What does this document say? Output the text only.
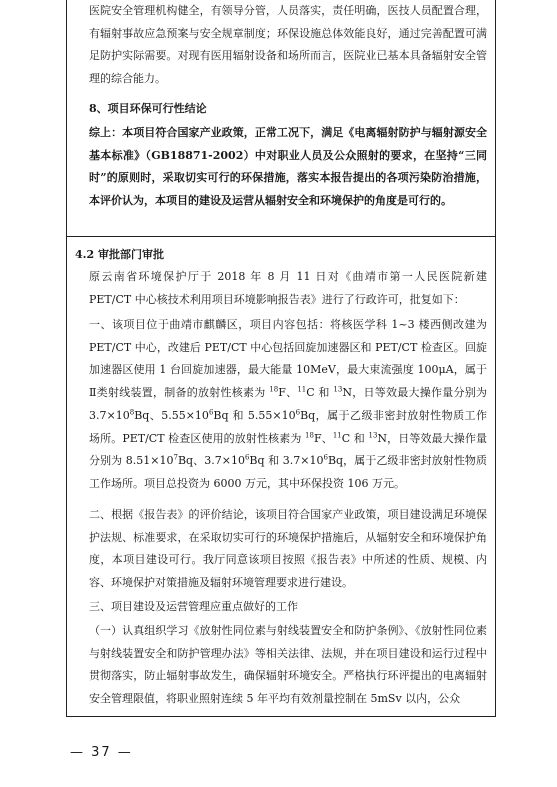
医院安全管理机构健全，有领导分管，人员落实，责任明确，医技人员配置合理，有辐射事故应急预案与安全规章制度；环保设施总体效能良好，通过完善配置可满足防护实际需要。对现有医用辐射设备和场所而言，医院业已基本具备辐射安全管理的综合能力。

8、项目环保可行性结论

综上：本项目符合国家产业政策，正常工况下，满足《电离辐射防护与辐射源安全基本标准》（GB18871-2002）中对职业人员及公众照射的要求，在坚持“三同时”的原则时，采取切实可行的环保措施，落实本报告提出的各项污染防治措施，本评价认为，本项目的建设及运营从辐射安全和环境保护的角度是可行的。

4.2 审批部门审批

原云南省环境保护厅于 2018 年 8 月 11 日对《曲靖市第一人民医院新建 PET/CT 中心核技术利用项目环境影响报告表》进行了行政许可，批复如下：

一、该项目位于曲靖市麒麟区，项目内容包括：将核医学科 1~3 楼西侧改建为 PET/CT 中心，改建后 PET/CT 中心包括回旋加速器区和 PET/CT 检查区。回旋加速器区使用 1 台回旋加速器，最大能量 10MeV，最大束流强度 100μA，属于Ⅱ类射线装置，制备的放射性核素为 $^{18}$F、$^{11}$C 和 $^{13}$N，日等效最大操作量分别为 $3.7\times 10^8Bq$、$5.55\times 10^6Bq$ 和 $5.55\times 10^6Bq$，属于乙级非密封放射性物质工作场所。PET/CT 检查区使用的放射性核素为 $^{18}$F、$^{11}$C 和 $^{13}$N，日等效最大操作量分别为 $8.51\times 10^7Bq$、$3.7\times 10^6Bq$ 和 $3.7\times 10^6Bq$，属于乙级非密封放射性物质工作场所。项目总投资为 6000 万元，其中环保投资 106 万元。

二、根据《报告表》的评价结论，该项目符合国家产业政策，项目建设满足环境保护法规、标准要求，在采取切实可行的环境保护措施后，从辐射安全和环境保护角度，本项目建设可行。我厅同意该项目按照《报告表》中所述的性质、规模、内容、环境保护对策措施及辐射环境管理要求进行建设。

三、项目建设及运营管理应重点做好的工作

（一）认真组织学习《放射性同位素与射线装置安全和防护条例》、《放射性同位素与射线装置安全和防护管理办法》等相关法律、法规，并在项目建设和运行过程中贯彻落实，防止辐射事故发生，确保辐射环境安全。严格执行环评提出的电离辐射安全管理限值，将职业照射连续 5 年平均有效剂量控制在 5mSv 以内，公众

— 37 —
